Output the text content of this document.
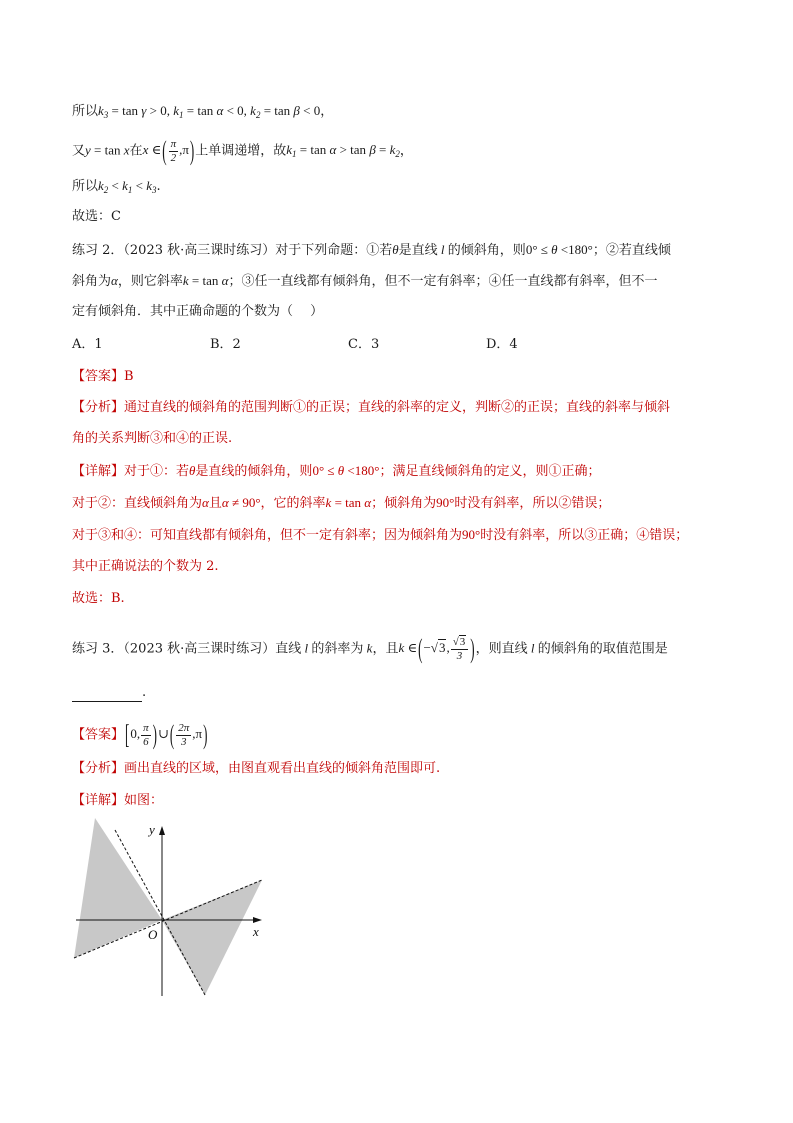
所以$k_3 = \tan \gamma > 0$, $k_1 = \tan \alpha < 0$, $k_2 = \tan \beta < 0$，
又y = tan x在x ∈( $\frac{\pi}{2} ,\pi$)上单调递增，故$k_1 = \tan \alpha > \tan \beta = k_2$，
所以$k_2 < k_1 < k_3$.
故选：C
练习 2．（2023 秋·高三课时练习）对于下列命题：①若θ是直线 l 的倾斜角，则0° ≤ θ <180°；②若直线倾
斜角为α，则它斜率k = tan α；③任一直线都有倾斜角，但不一定有斜率；④任一直线都有斜率，但不一
定有倾斜角．其中正确命题的个数为（　 ）
A．1	B．2	C．3	D．4
【答案】B
【分析】通过直线的倾斜角的范围判断①的正误；直线的斜率的定义，判断②的正误；直线的斜率与倾斜
角的关系判断③和④的正误.
【详解】对于①：若θ是直线的倾斜角，则0° ≤ θ <180°；满足直线倾斜角的定义，则①正确；
对于②：直线倾斜角为α且α ≠ 90°，它的斜率k = tan α；倾斜角为90°时没有斜率，所以②错误；
对于③和④：可知直线都有倾斜角，但不一定有斜率；因为倾斜角为90°时没有斜率，所以③正确；④错误；
其中正确说法的个数为 2.
故选：B.
练习 3．（2023 秋·高三课时练习）直线 l 的斜率为 k，且k ∈(−√3, $\frac{√3}{3}$ )，则直线 l 的倾斜角的取值范围是
.
【答案】[0, $\frac{\pi}{6}$ )∪( $\frac{2\pi}{3} ,\pi$)
【分析】画出直线的区域，由图直观看出直线的倾斜角范围即可.
【详解】如图：
y
x
O
